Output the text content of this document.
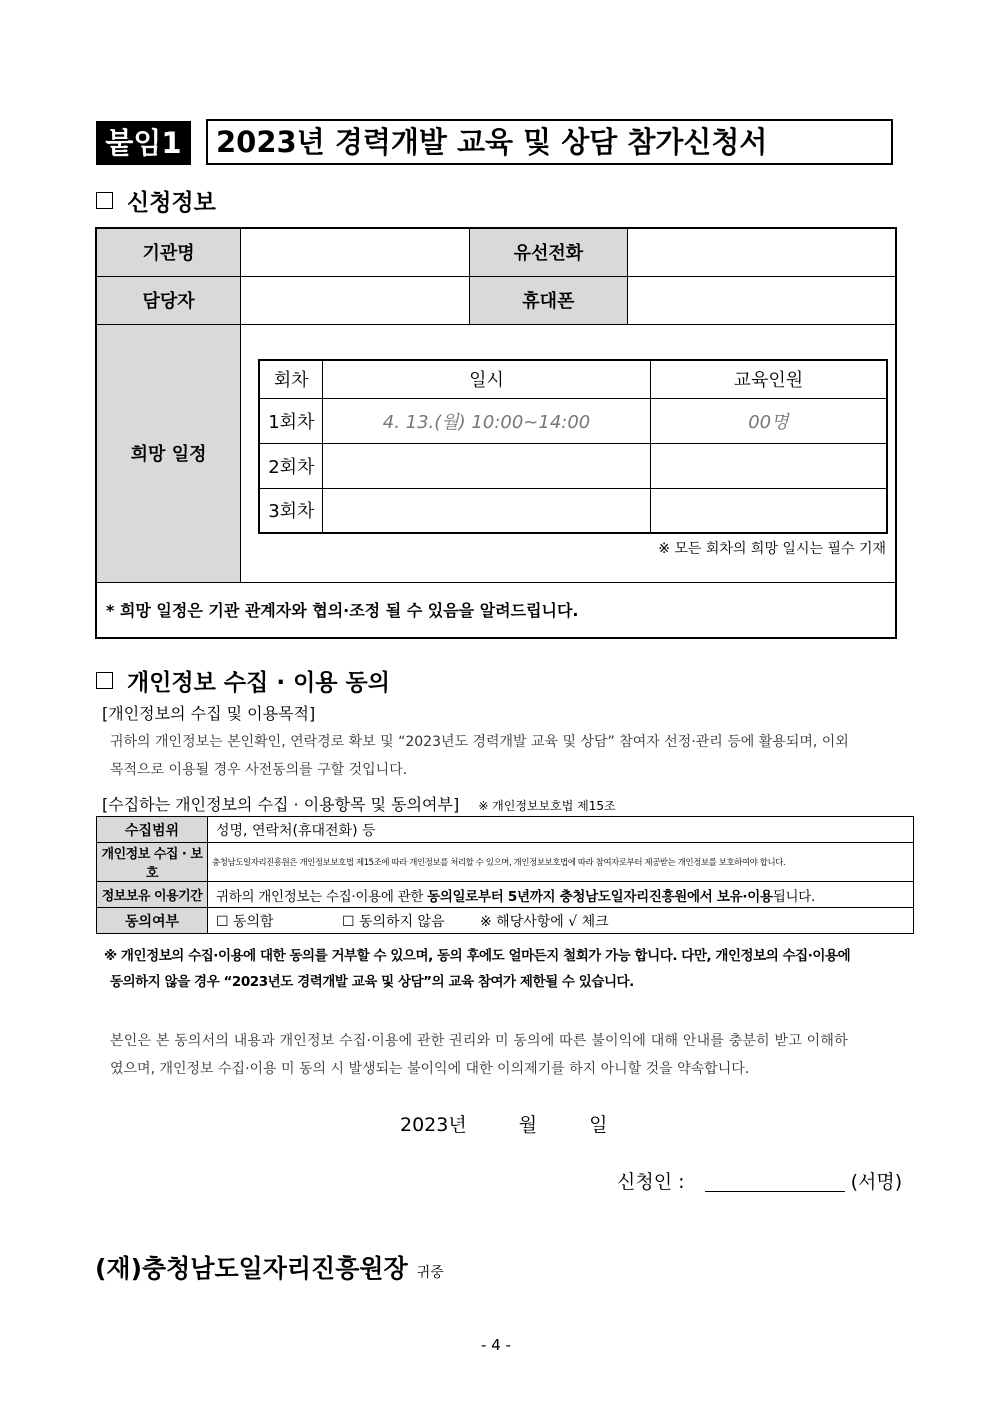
붙임1	2023년 경력개발 교육 및 상담 참가신청서
신청정보
기관명		유선전화	
담당자		휴대폰	
희망 일정	
회차	일시	교육인원
1회차	4. 13.(월) 10:00~14:00	00명
2회차		
3회차		
※ 모든 회차의 희망 일시는 필수 기재

* 희망 일정은 기관 관계자와 협의·조정 될 수 있음을 알려드립니다.
개인정보 수집 · 이용 동의
[개인정보의 수집 및 이용목적]
귀하의 개인정보는 본인확인, 연락경로 확보 및 “2023년도 경력개발 교육 및 상담” 참여자 선정·관리 등에 활용되며, 이외
목적으로 이용될 경우 사전동의를 구할 것입니다.
[수집하는 개인정보의 수집 · 이용항목 및 동의여부] ※ 개인정보보호법 제15조
수집범위	성명, 연락처(휴대전화) 등
개인정보 수집 · 보호	충청남도일자리진흥원은 개인정보보호법 제15조에 따라 개인정보를 처리할 수 있으며, 개인정보보호법에 따라 참여자로부터 제공받는 개인정보를 보호하여야 합니다.
정보보유 이용기간	귀하의 개인정보는 수집·이용에 관한 동의일로부터 5년까지 충청남도일자리진흥원에서 보유·이용됩니다.
동의여부	☐ 동의함 ☐ 동의하지 않음 ※ 해당사항에 √ 체크
※ 개인정보의 수집·이용에 대한 동의를 거부할 수 있으며, 동의 후에도 얼마든지 철회가 가능 합니다. 다만, 개인정보의 수집·이용에
동의하지 않을 경우 “2023년도 경력개발 교육 및 상담”의 교육 참여가 제한될 수 있습니다.
본인은 본 동의서의 내용과 개인정보 수집·이용에 관한 권리와 미 동의에 따른 불이익에 대해 안내를 충분히 받고 이해하
였으며, 개인정보 수집·이용 미 동의 시 발생되는 불이익에 대한 이의제기를 하지 아니할 것을 약속합니다.
2023년	월	일
신청인 :	(서명)
(재)충청남도일자리진흥원장 귀중
- 4 -
